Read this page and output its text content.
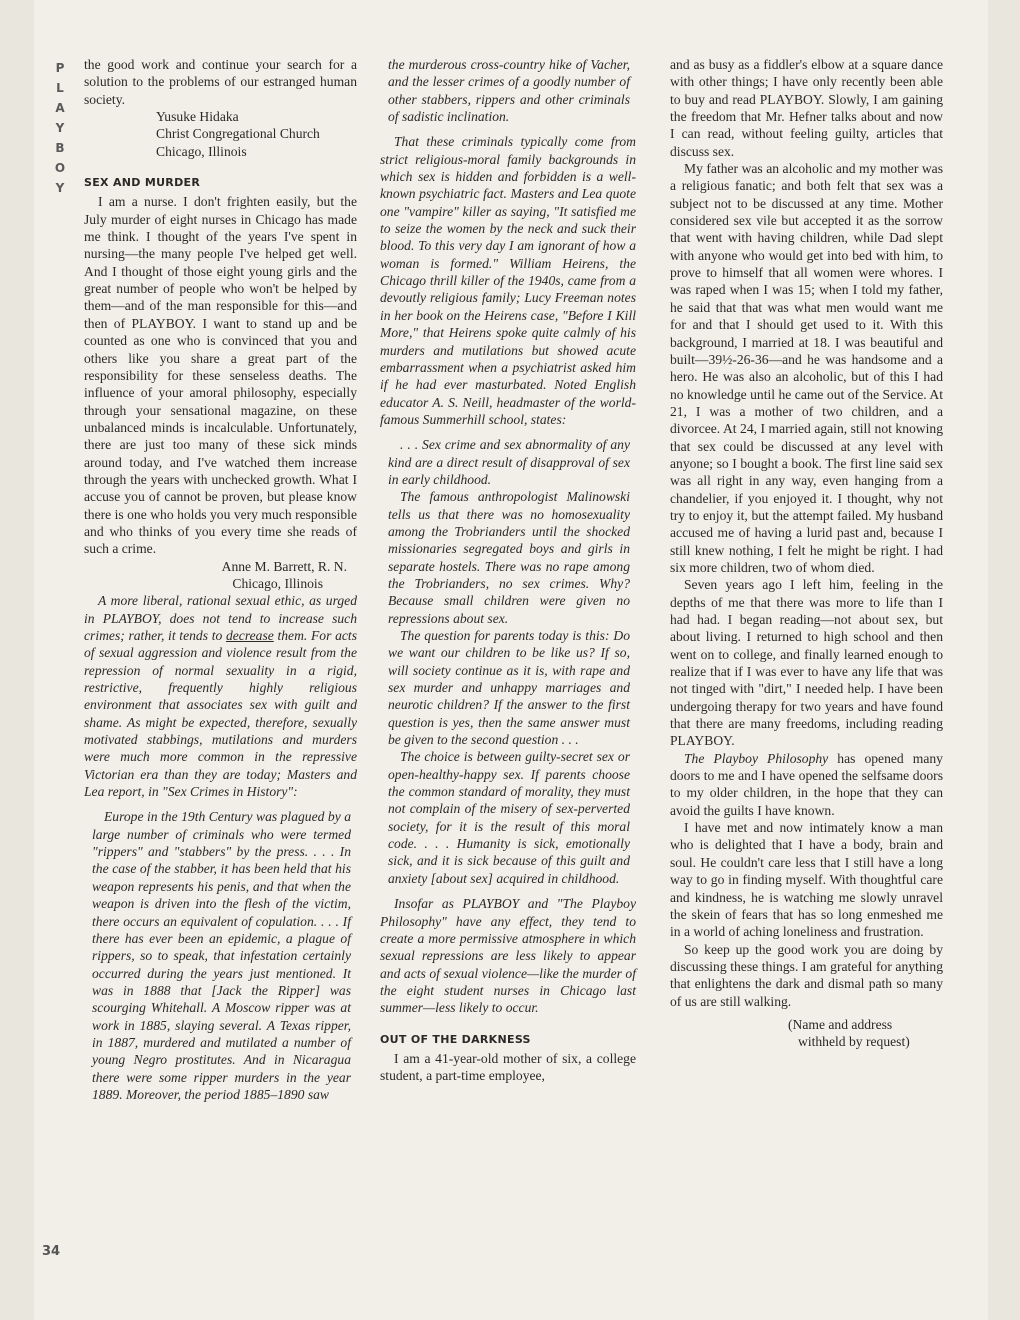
PLAYBOY

the good work and continue your search for a solution to the problems of our estranged human society.

Yusuke Hidaka
Christ Congregational Church
Chicago, Illinois
SEX AND MURDER

I am a nurse. I don't frighten easily, but the July murder of eight nurses in Chicago has made me think. I thought of the years I've spent in nursing—the many people I've helped get well. And I thought of those eight young girls and the great number of people who won't be helped by them—and of the man responsible for this—and then of PLAYBOY. I want to stand up and be counted as one who is convinced that you and others like you share a great part of the responsibility for these senseless deaths. The influence of your amoral philosophy, especially through your sensational magazine, on these unbalanced minds is incalculable. Unfortunately, there are just too many of these sick minds around today, and I've watched them increase through the years with unchecked growth. What I accuse you of cannot be proven, but please know there is one who holds you very much responsible and who thinks of you every time she reads of such a crime.

Anne M. Barrett, R. N.
Chicago, Illinois

A more liberal, rational sexual ethic, as urged in PLAYBOY, does not tend to increase such crimes; rather, it tends to decrease them. For acts of sexual aggression and violence result from the repression of normal sexuality in a rigid, restrictive, frequently highly religious environment that associates sex with guilt and shame. As might be expected, therefore, sexually motivated stabbings, mutilations and murders were much more common in the repressive Victorian era than they are today; Masters and Lea report, in "Sex Crimes in History":

Europe in the 19th Century was plagued by a large number of criminals who were termed "rippers" and "stabbers" by the press. . . . In the case of the stabber, it has been held that his weapon represents his penis, and that when the weapon is driven into the flesh of the victim, there occurs an equivalent of copulation. . . . If there has ever been an epidemic, a plague of rippers, so to speak, that infestation certainly occurred during the years just mentioned. It was in 1888 that [Jack the Ripper] was scourging Whitehall. A Moscow ripper was at work in 1885, slaying several. A Texas ripper, in 1887, murdered and mutilated a number of young Negro prostitutes. And in Nicaragua there were some ripper murders in the year 1889. Moreover, the period 1885–1890 saw

the murderous cross-country hike of Vacher, and the lesser crimes of a goodly number of other stabbers, rippers and other criminals of sadistic inclination.

That these criminals typically come from strict religious-moral family backgrounds in which sex is hidden and forbidden is a well-known psychiatric fact. Masters and Lea quote one "vampire" killer as saying, "It satisfied me to seize the women by the neck and suck their blood. To this very day I am ignorant of how a woman is formed." William Heirens, the Chicago thrill killer of the 1940s, came from a devoutly religious family; Lucy Freeman notes in her book on the Heirens case, "Before I Kill More," that Heirens spoke quite calmly of his murders and mutilations but showed acute embarrassment when a psychiatrist asked him if he had ever masturbated. Noted English educator A. S. Neill, headmaster of the world-famous Summerhill school, states:

. . . Sex crime and sex abnormality of any kind are a direct result of disapproval of sex in early childhood.

The famous anthropologist Malinowski tells us that there was no homosexuality among the Trobrianders until the shocked missionaries segregated boys and girls in separate hostels. There was no rape among the Trobrianders, no sex crimes. Why? Because small children were given no repressions about sex.

The question for parents today is this: Do we want our children to be like us? If so, will society continue as it is, with rape and sex murder and unhappy marriages and neurotic children? If the answer to the first question is yes, then the same answer must be given to the second question . . .

The choice is between guilty-secret sex or open-healthy-happy sex. If parents choose the common standard of morality, they must not complain of the misery of sex-perverted society, for it is the result of this moral code. . . . Humanity is sick, emotionally sick, and it is sick because of this guilt and anxiety [about sex] acquired in childhood.

Insofar as PLAYBOY and "The Playboy Philosophy" have any effect, they tend to create a more permissive atmosphere in which sexual repressions are less likely to appear and acts of sexual violence—like the murder of the eight student nurses in Chicago last summer—less likely to occur.

OUT OF THE DARKNESS

I am a 41-year-old mother of six, a college student, a part-time employee,

and as busy as a fiddler's elbow at a square dance with other things; I have only recently been able to buy and read PLAYBOY. Slowly, I am gaining the freedom that Mr. Hefner talks about and now I can read, without feeling guilty, articles that discuss sex.

My father was an alcoholic and my mother was a religious fanatic; and both felt that sex was a subject not to be discussed at any time. Mother considered sex vile but accepted it as the sorrow that went with having children, while Dad slept with anyone who would get into bed with him, to prove to himself that all women were whores. I was raped when I was 15; when I told my father, he said that that was what men would want me for and that I should get used to it. With this background, I married at 18. I was beautiful and built—39½-26-36—and he was handsome and a hero. He was also an alcoholic, but of this I had no knowledge until he came out of the Service. At 21, I was a mother of two children, and a divorcee. At 24, I married again, still not knowing that sex could be discussed at any level with anyone; so I bought a book. The first line said sex was all right in any way, even hanging from a chandelier, if you enjoyed it. I thought, why not try to enjoy it, but the attempt failed. My husband accused me of having a lurid past and, because I still knew nothing, I felt he might be right. I had six more children, two of whom died.

Seven years ago I left him, feeling in the depths of me that there was more to life than I had had. I began reading—not about sex, but about living. I returned to high school and then went on to college, and finally learned enough to realize that if I was ever to have any life that was not tinged with "dirt," I needed help. I have been undergoing therapy for two years and have found that there are many freedoms, including reading PLAYBOY.

The Playboy Philosophy has opened many doors to me and I have opened the selfsame doors to my older children, in the hope that they can avoid the guilts I have known.

I have met and now intimately know a man who is delighted that I have a body, brain and soul. He couldn't care less that I still have a long way to go in finding myself. With thoughtful care and kindness, he is watching me slowly unravel the skein of fears that has so long enmeshed me in a world of aching loneliness and frustration.

So keep up the good work you are doing by discussing these things. I am grateful for anything that enlightens the dark and dismal path so many of us are still walking.

(Name and address
withheld by request)
34
